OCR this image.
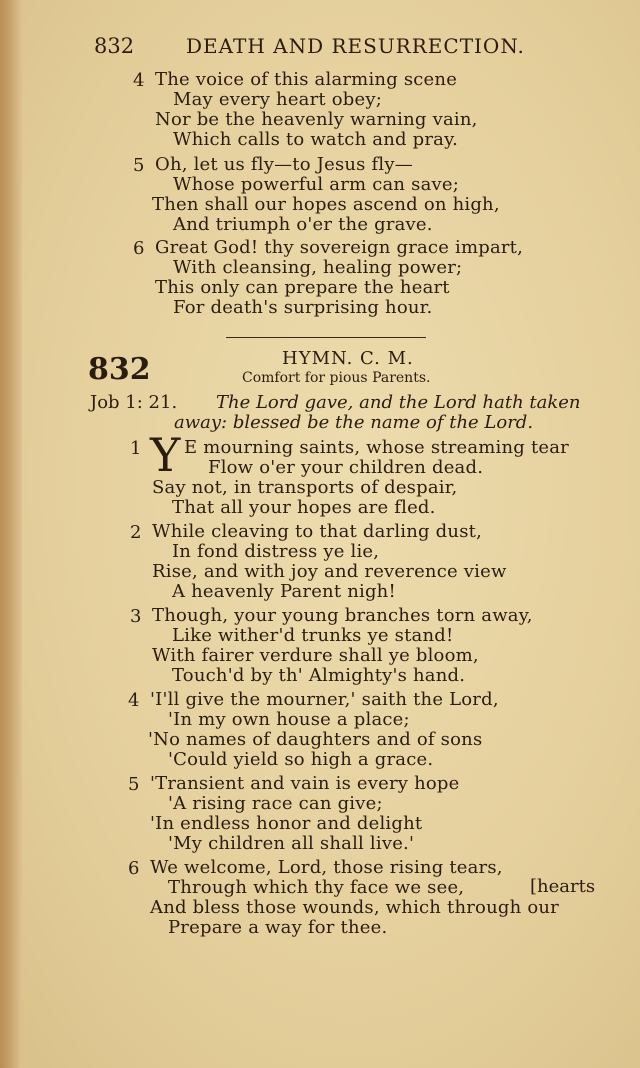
832	DEATH AND RESURRECTION.
4 The voice of this alarming scene
May every heart obey;
Nor be the heavenly warning vain,
Which calls to watch and pray.
5 Oh, let us fly—to Jesus fly—
Whose powerful arm can save;
Then shall our hopes ascend on high,
And triumph o'er the grave.
6 Great God! thy sovereign grace impart,
With cleansing, healing power;
This only can prepare the heart
For death's surprising hour.
832	HYMN. C. M.
Comfort for pious Parents.
Job 1: 21. The Lord gave, and the Lord hath taken
away: blessed be the name of the Lord.
1 Y E mourning saints, whose streaming tear
Flow o'er your children dead.
Say not, in transports of despair,
That all your hopes are fled.
2 While cleaving to that darling dust,
In fond distress ye lie,
Rise, and with joy and reverence view
A heavenly Parent nigh!
3 Though, your young branches torn away,
Like wither'd trunks ye stand!
With fairer verdure shall ye bloom,
Touch'd by th' Almighty's hand.
4 'I'll give the mourner,' saith the Lord,
'In my own house a place;
'No names of daughters and of sons
'Could yield so high a grace.
5 'Transient and vain is every hope
'A rising race can give;
'In endless honor and delight
'My children all shall live.'
6 We welcome, Lord, those rising tears,
Through which thy face we see,	[hearts
And bless those wounds, which through our
Prepare a way for thee.
